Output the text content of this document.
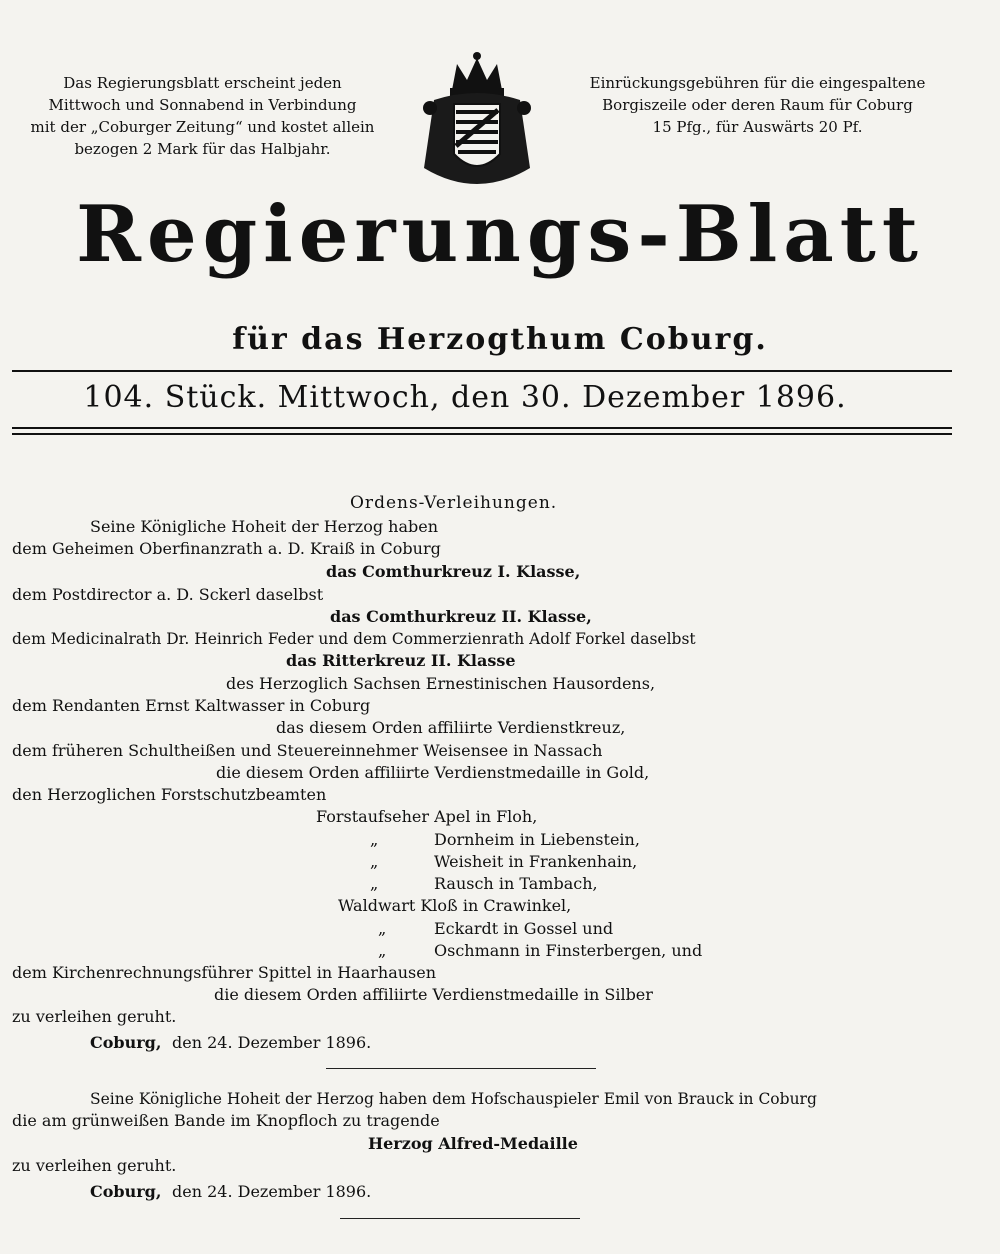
Das Regierungsblatt erscheint jeden
Mittwoch und Sonnabend in Verbindung
mit der „Coburger Zeitung“ und kostet allein
bezogen 2 Mark für das Halbjahr.
Einrückungsgebühren für die eingespaltene
Borgiszeile oder deren Raum für Coburg
15 Pfg., für Auswärts 20 Pf.
Regierungs-Blatt
für das Herzogthum Coburg.
104. Stück. Mittwoch, den 30. Dezember 1896.
Ordens-Verleihungen.
Seine Königliche Hoheit der Herzog haben
dem Geheimen Oberfinanzrath a. D. Kraiß in Coburg
das Comthurkreuz I. Klasse,
dem Postdirector a. D. Sckerl daselbst
das Comthurkreuz II. Klasse,
dem Medicinalrath Dr. Heinrich Feder und dem Commerzienrath Adolf Forkel daselbst
das Ritterkreuz II. Klasse
des Herzoglich Sachsen Ernestinischen Hausordens,
dem Rendanten Ernst Kaltwasser in Coburg
das diesem Orden affiliirte Verdienstkreuz,
dem früheren Schultheißen und Steuereinnehmer Weisensee in Nassach
die diesem Orden affiliirte Verdienstmedaille in Gold,
den Herzoglichen Forstschutzbeamten
Forstaufseher Apel in Floh,
„	Dornheim in Liebenstein,
„	Weisheit in Frankenhain,
„	Rausch in Tambach,
Waldwart Kloß in Crawinkel,
„	Eckardt in Gossel und
„	Oschmann in Finsterbergen, und
dem Kirchenrechnungsführer Spittel in Haarhausen
die diesem Orden affiliirte Verdienstmedaille in Silber
zu verleihen geruht.
Coburg, den 24. Dezember 1896.
Seine Königliche Hoheit der Herzog haben dem Hofschauspieler Emil von Brauck in Coburg
die am grünweißen Bande im Knopfloch zu tragende
Herzog Alfred-Medaille
zu verleihen geruht.
Coburg, den 24. Dezember 1896.
